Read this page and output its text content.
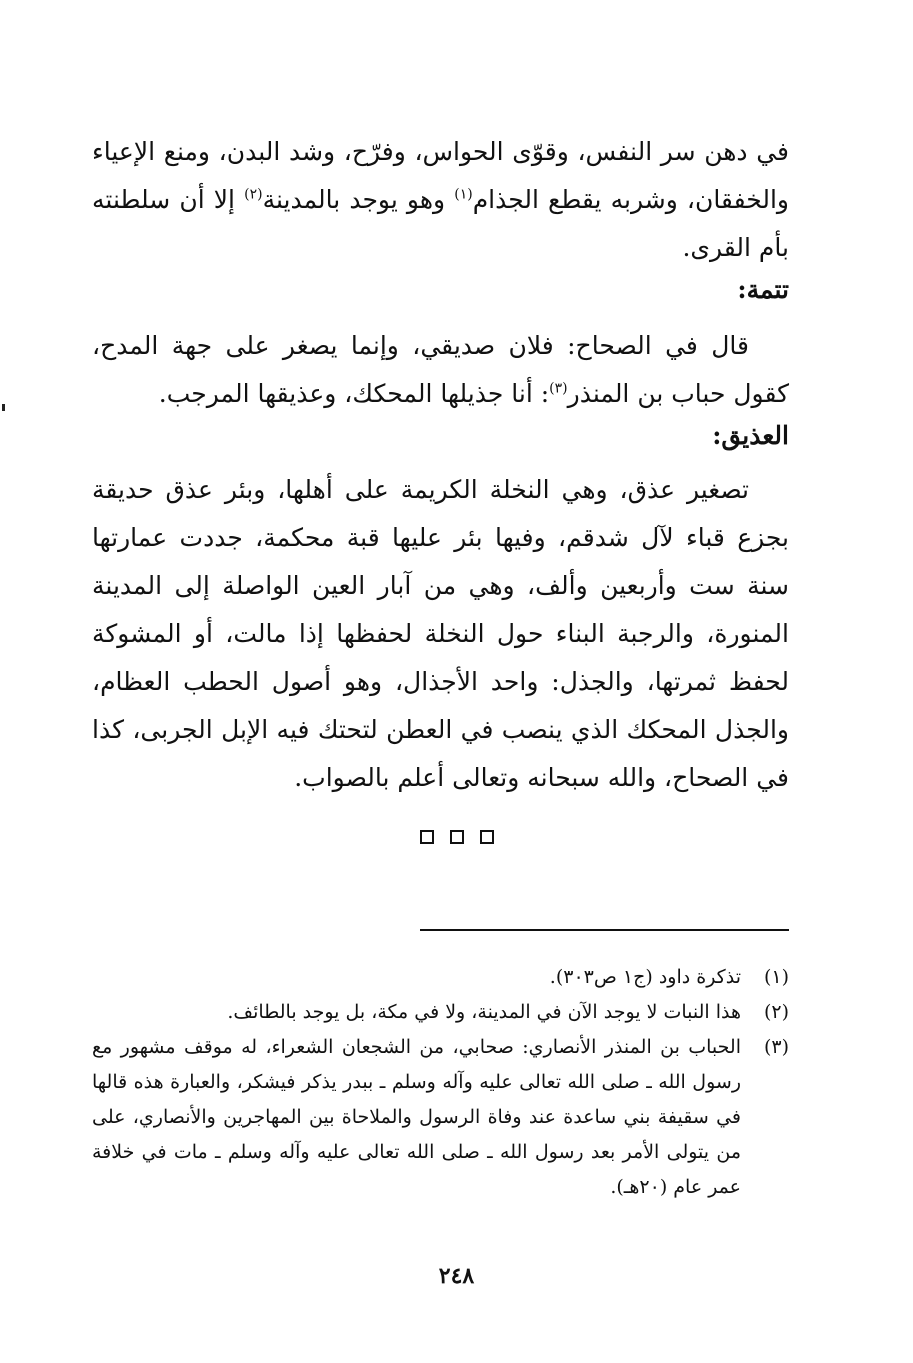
في دهن سر النفس، وقوّى الحواس، وفرّح، وشد البدن، ومنع الإعياء والخفقان، وشربه يقطع الجذام$^{(١)}$ وهو يوجد بالمدينة$^{(٢)}$ إلا أن سلطنته بأم القرى.

تتمة:

قال في الصحاح: فلان صديقي، وإنما يصغر على جهة المدح، كقول حباب بن المنذر$^{(٣)}$: أنا جذيلها المحكك، وعذيقها المرجب.

العذيق:

تصغير عذق، وهي النخلة الكريمة على أهلها، وبئر عذق حديقة بجزع قباء لآل شدقم، وفيها بئر عليها قبة محكمة، جددت عمارتها سنة ست وأربعين وألف، وهي من آبار العين الواصلة إلى المدينة المنورة، والرجبة البناء حول النخلة لحفظها إذا مالت، أو المشوكة لحفظ ثمرتها، والجذل: واحد الأجذال، وهو أصول الحطب العظام، والجذل المحكك الذي ينصب في العطن لتحتك فيه الإبل الجربى، كذا في الصحاح، والله سبحانه وتعالى أعلم بالصواب.

(١)
تذكرة داود (ج١ ص٣٠٣).
(٢)
هذا النبات لا يوجد الآن في المدينة، ولا في مكة، بل يوجد بالطائف.
(٣)
الحباب بن المنذر الأنصاري: صحابي، من الشجعان الشعراء، له موقف مشهور مع رسول الله ـ صلى الله تعالى عليه وآله وسلم ـ ببدر يذكر فيشكر، والعبارة هذه قالها في سقيفة بني ساعدة عند وفاة الرسول والملاحاة بين المهاجرين والأنصاري، على من يتولى الأمر بعد رسول الله ـ صلى الله تعالى عليه وآله وسلم ـ مات في خلافة عمر عام (٢٠هـ).
٢٤٨
